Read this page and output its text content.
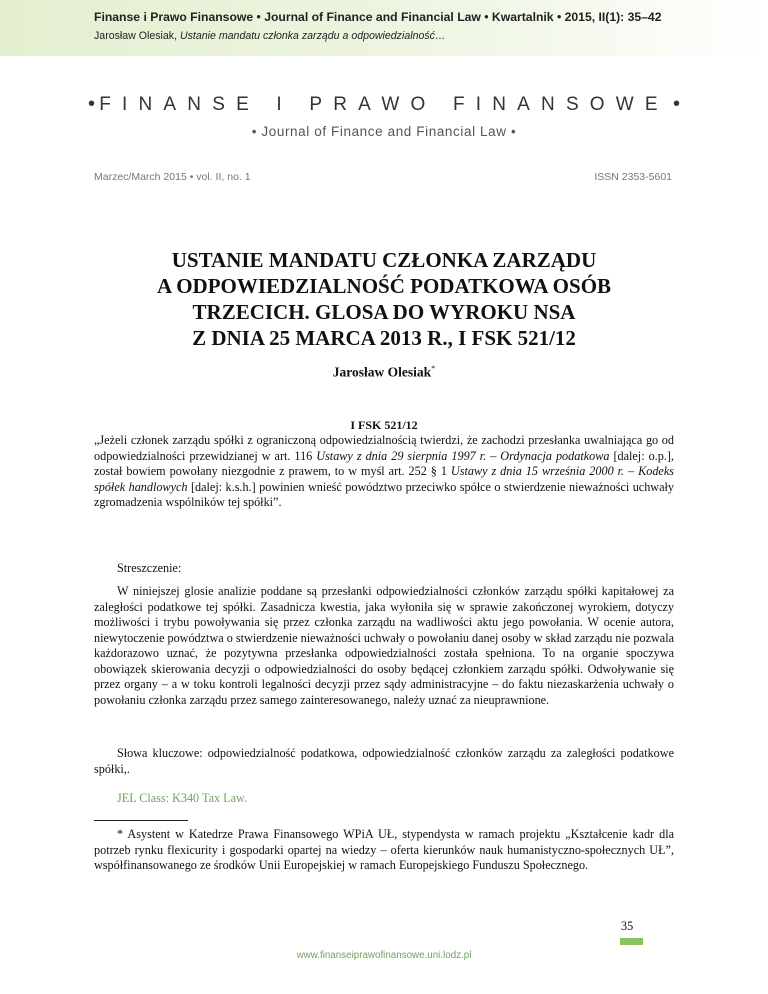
Finanse i Prawo Finansowe • Journal of Finance and Financial Law • Kwartalnik • 2015, II(1): 35–42
Jarosław Olesiak, Ustanie mandatu członka zarządu a odpowiedzialność…
• FINANSE I PRAWO FINANSOWE •
• Journal of Finance and Financial Law •
Marzec/March 2015 • vol. II, no. 1	ISSN 2353-5601
USTANIE MANDATU CZŁONKA ZARZĄDU
A ODPOWIEDZIALNOŚĆ PODATKOWA OSÓB
TRZECICH. GLOSA DO WYROKU NSA
Z DNIA 25 MARCA 2013 R., I FSK 521/12
Jarosław Olesiak*
I FSK 521/12
„Jeżeli członek zarządu spółki z ograniczoną odpowiedzialnością twierdzi, że zachodzi przesłanka uwalniająca go od odpowiedzialności przewidzianej w art. 116 Ustawy z dnia 29 sierpnia 1997 r. – Ordynacja podatkowa [dalej: o.p.], został bowiem powołany niezgodnie z prawem, to w myśl art. 252 § 1 Ustawy z dnia 15 września 2000 r. – Kodeks spółek handlowych [dalej: k.s.h.] powinien wnieść powództwo przeciwko spółce o stwierdzenie nieważności uchwały zgromadzenia wspólników tej spółki”.
Streszczenie:
W niniejszej glosie analizie poddane są przesłanki odpowiedzialności członków zarządu spółki kapitałowej za zaległości podatkowe tej spółki. Zasadnicza kwestia, jaka wyłoniła się w sprawie zakończonej wyrokiem, dotyczy możliwości i trybu powoływania się przez członka zarządu na wadliwości aktu jego powołania. W ocenie autora, niewytoczenie powództwa o stwierdzenie nieważności uchwały o powołaniu danej osoby w skład zarządu nie pozwala każdorazowo uznać, że pozytywna przesłanka odpowiedzialności została spełniona. To na organie spoczywa obowiązek skierowania decyzji o odpowiedzialności do osoby będącej członkiem zarządu spółki. Odwoływanie się przez organy – a w toku kontroli legalności decyzji przez sądy administracyjne – do faktu niezaskarżenia uchwały o powołaniu członka zarządu przez samego zainteresowanego, należy uznać za nieuprawnione.
Słowa kluczowe: odpowiedzialność podatkowa, odpowiedzialność członków zarządu za zaległości podatkowe spółki,.
JEL Class: K340 Tax Law.
* Asystent w Katedrze Prawa Finansowego WPiA UŁ, stypendysta w ramach projektu „Kształcenie kadr dla potrzeb rynku flexicurity i gospodarki opartej na wiedzy – oferta kierunków nauk humanistyczno-społecznych UŁ”, współfinansowanego ze środków Unii Europejskiej w ramach Europejskiego Funduszu Społecznego.
35
www.finanseiprawofinansowe.uni.lodz.pl
